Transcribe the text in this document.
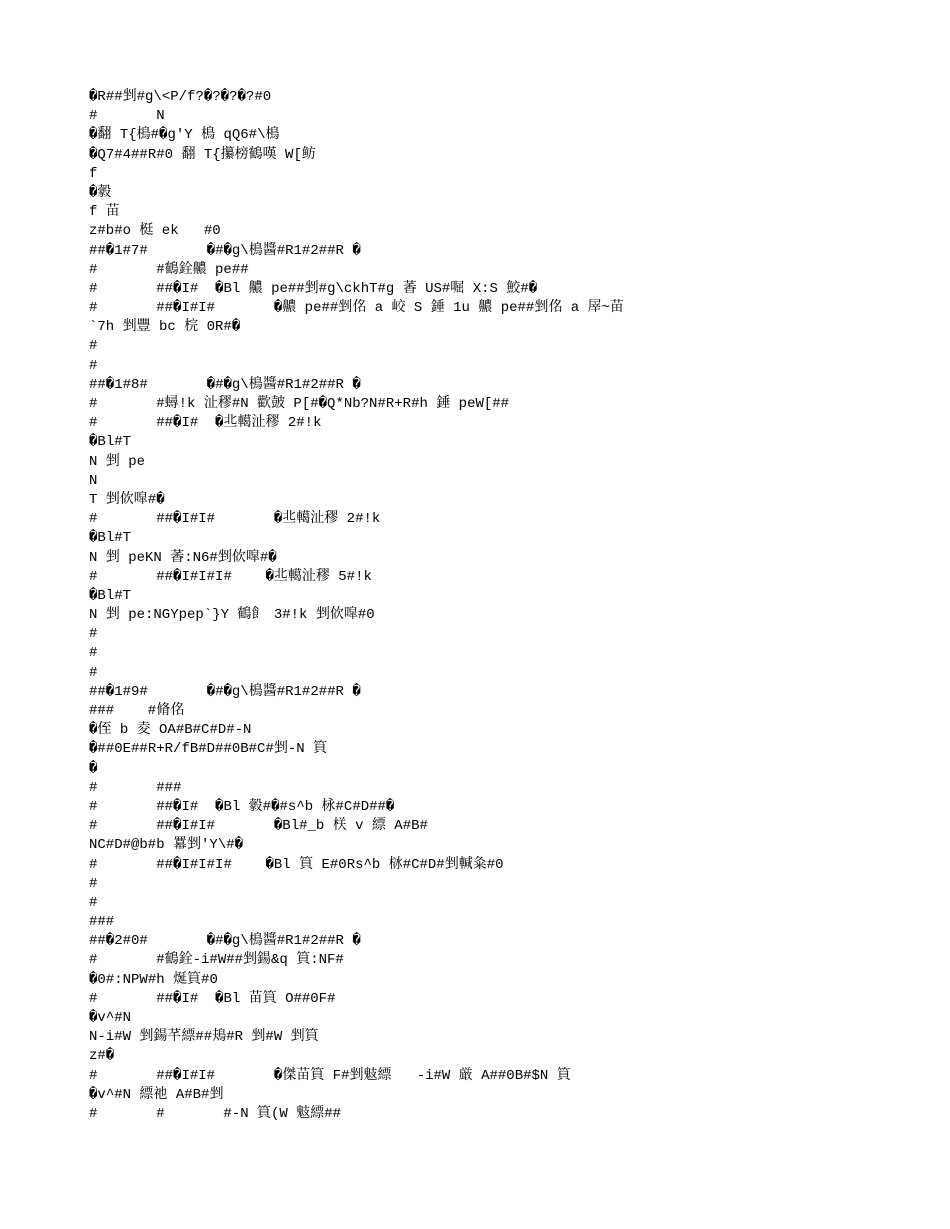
�R##剉#g\<P/f?�?�?�?#0
#       N
�翻 T{樢#�g'Y 樢 qQ6#\樢
�Q7#4##R#0 翻 T{攥榜鶴嘆 W[鲂
f
�豰
f 苗
z#b#o 梃 ek   #0
##�1#7#       �#�g\樢醬#R1#2##R �
#       #鶴銓齈 pe##
#       ##�I#  �Bl 齈 pe##剉#g\ckhT#g 萫 US#啒 X:S 鮫#�
#       ##�I#I#       �齈 pe##剉佲 a 峧 S 錘 1u 齈 pe##剉佲 a 屖~苗
`7h 剉豐 bc 梡 0R#�
#
#
##�1#8#       �#�g\樢醬#R1#2##R �
#       #蟳!k 沚穋#N 歡皷 P[#�Q*Nb?N#R+R#h 錘 peW[##
#       ##�I#  �丠轕沚穋 2#!k
�Bl#T
N 剉 pe
N
T 剉佽噑#�
#       ##�I#I#       �丠轕沚穋 2#!k
�Bl#T
N 剉 peKN 萫:N6#剉佽噑#�
#       ##�I#I#I#    �丠轕沚穋 5#!k
�Bl#T
N 剉 pe:NGYpep`}Y 鶴飠 3#!k 剉佽噑#0
#
#
#
##�1#9#       �#�g\樢醬#R1#2##R �
###    #脩佲
�侄 b 夌 OA#B#C#D#-N
�##0E##R+R/fB#D##0B#C#剉-N 筫
�
#       ###
#       ##�I#  �Bl 豰#�#s^b 栐#C#D##�
#       ##�I#I#       �Bl#_b 栚 v 縹 A#B#
NC#D#@b#b 羃剉'Y\#�
#       ##�I#I#I#    �Bl 筫 E#0Rs^b 栤#C#D#剉輱粂#0
#
#
###
##�2#0#       �#�g\樢醬#R1#2##R �
#       #鶴銓-i#W##剉鍚&q 筫:NF#
�0#:NPW#h 烻筫#0
#       ##�I#  �Bl 苗筫 O##0F#
�v^#N
N-i#W 剉鍚芊縹##鳺#R 剉#W 剉筫
z#�
#       ##�I#I#       �傑苗筫 F#剉鬾縹   -i#W 厳 A##0B#$N 筫
�v^#N 縹祂 A#B#剉
#       #       #-N 筫(W 鬾縹##
